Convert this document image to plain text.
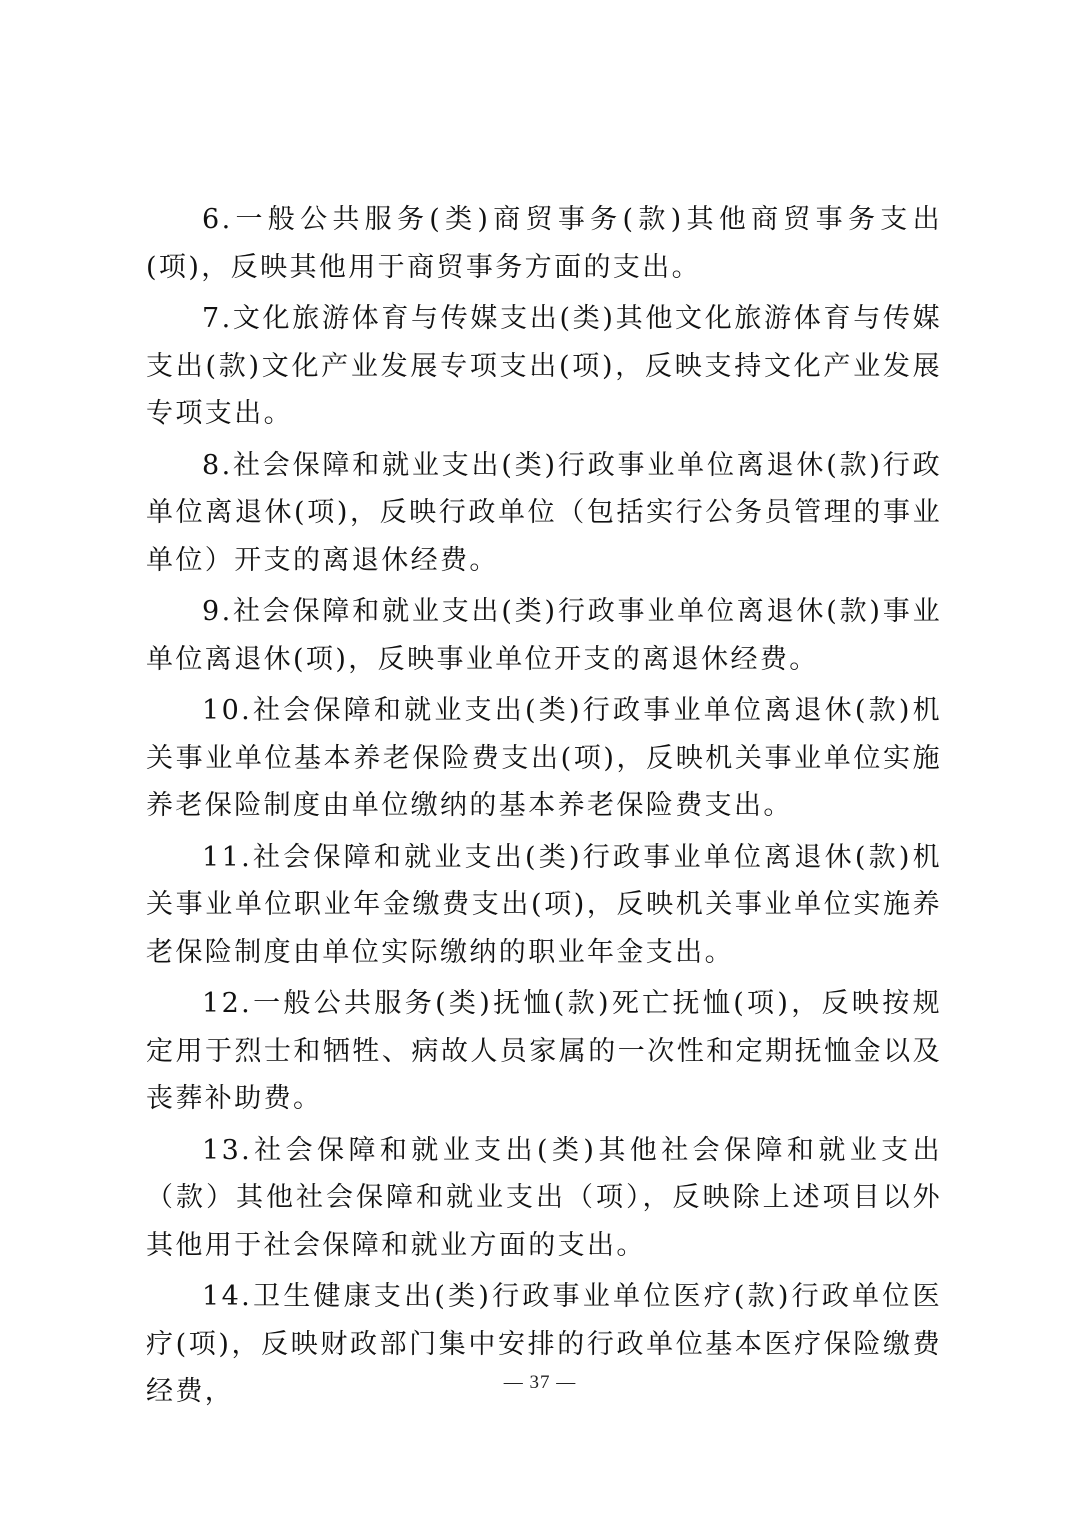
6.一般公共服务(类)商贸事务(款)其他商贸事务支出(项)，反映其他用于商贸事务方面的支出。

7.文化旅游体育与传媒支出(类)其他文化旅游体育与传媒支出(款)文化产业发展专项支出(项)，反映支持文化产业发展专项支出。

8.社会保障和就业支出(类)行政事业单位离退休(款)行政单位离退休(项)，反映行政单位（包括实行公务员管理的事业单位）开支的离退休经费。

9.社会保障和就业支出(类)行政事业单位离退休(款)事业单位离退休(项)，反映事业单位开支的离退休经费。

10.社会保障和就业支出(类)行政事业单位离退休(款)机关事业单位基本养老保险费支出(项)，反映机关事业单位实施养老保险制度由单位缴纳的基本养老保险费支出。

11.社会保障和就业支出(类)行政事业单位离退休(款)机关事业单位职业年金缴费支出(项)，反映机关事业单位实施养老保险制度由单位实际缴纳的职业年金支出。

12.一般公共服务(类)抚恤(款)死亡抚恤(项)，反映按规定用于烈士和牺牲、病故人员家属的一次性和定期抚恤金以及丧葬补助费。

13.社会保障和就业支出(类)其他社会保障和就业支出（款）其他社会保障和就业支出（项），反映除上述项目以外其他用于社会保障和就业方面的支出。

14.卫生健康支出(类)行政事业单位医疗(款)行政单位医疗(项)，反映财政部门集中安排的行政单位基本医疗保险缴费经费，	— 37 —
